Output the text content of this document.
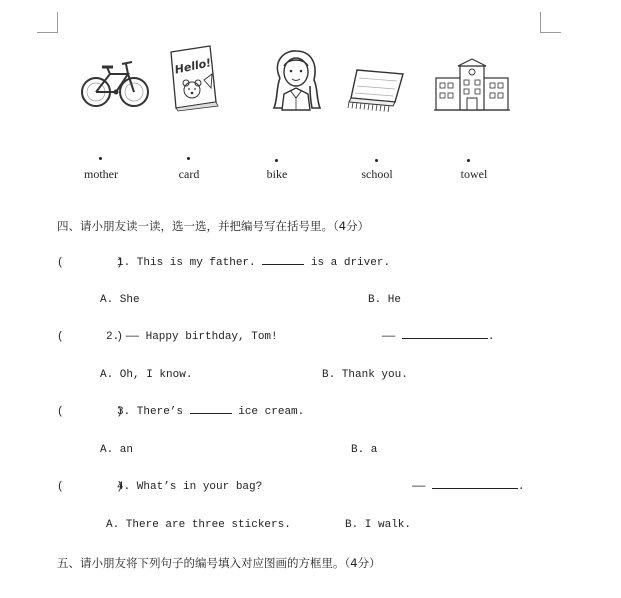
Hello!
mother	card	bike	school	towel
四、请小朋友读一读，选一选，并把编号写在括号里。（4分）
(        )
1. This is my father.	is a driver.
A. She	B. He
(        )
2. —— Happy birthday, Tom!	——	.
A. Oh, I know.	B. Thank you.
(        )
3. There’s	ice cream.
A. an	B. a
(        )
4. What’s in your bag?	——	.
A. There are three stickers.	B. I walk.
五、请小朋友将下列句子的编号填入对应图画的方框里。（4分）
